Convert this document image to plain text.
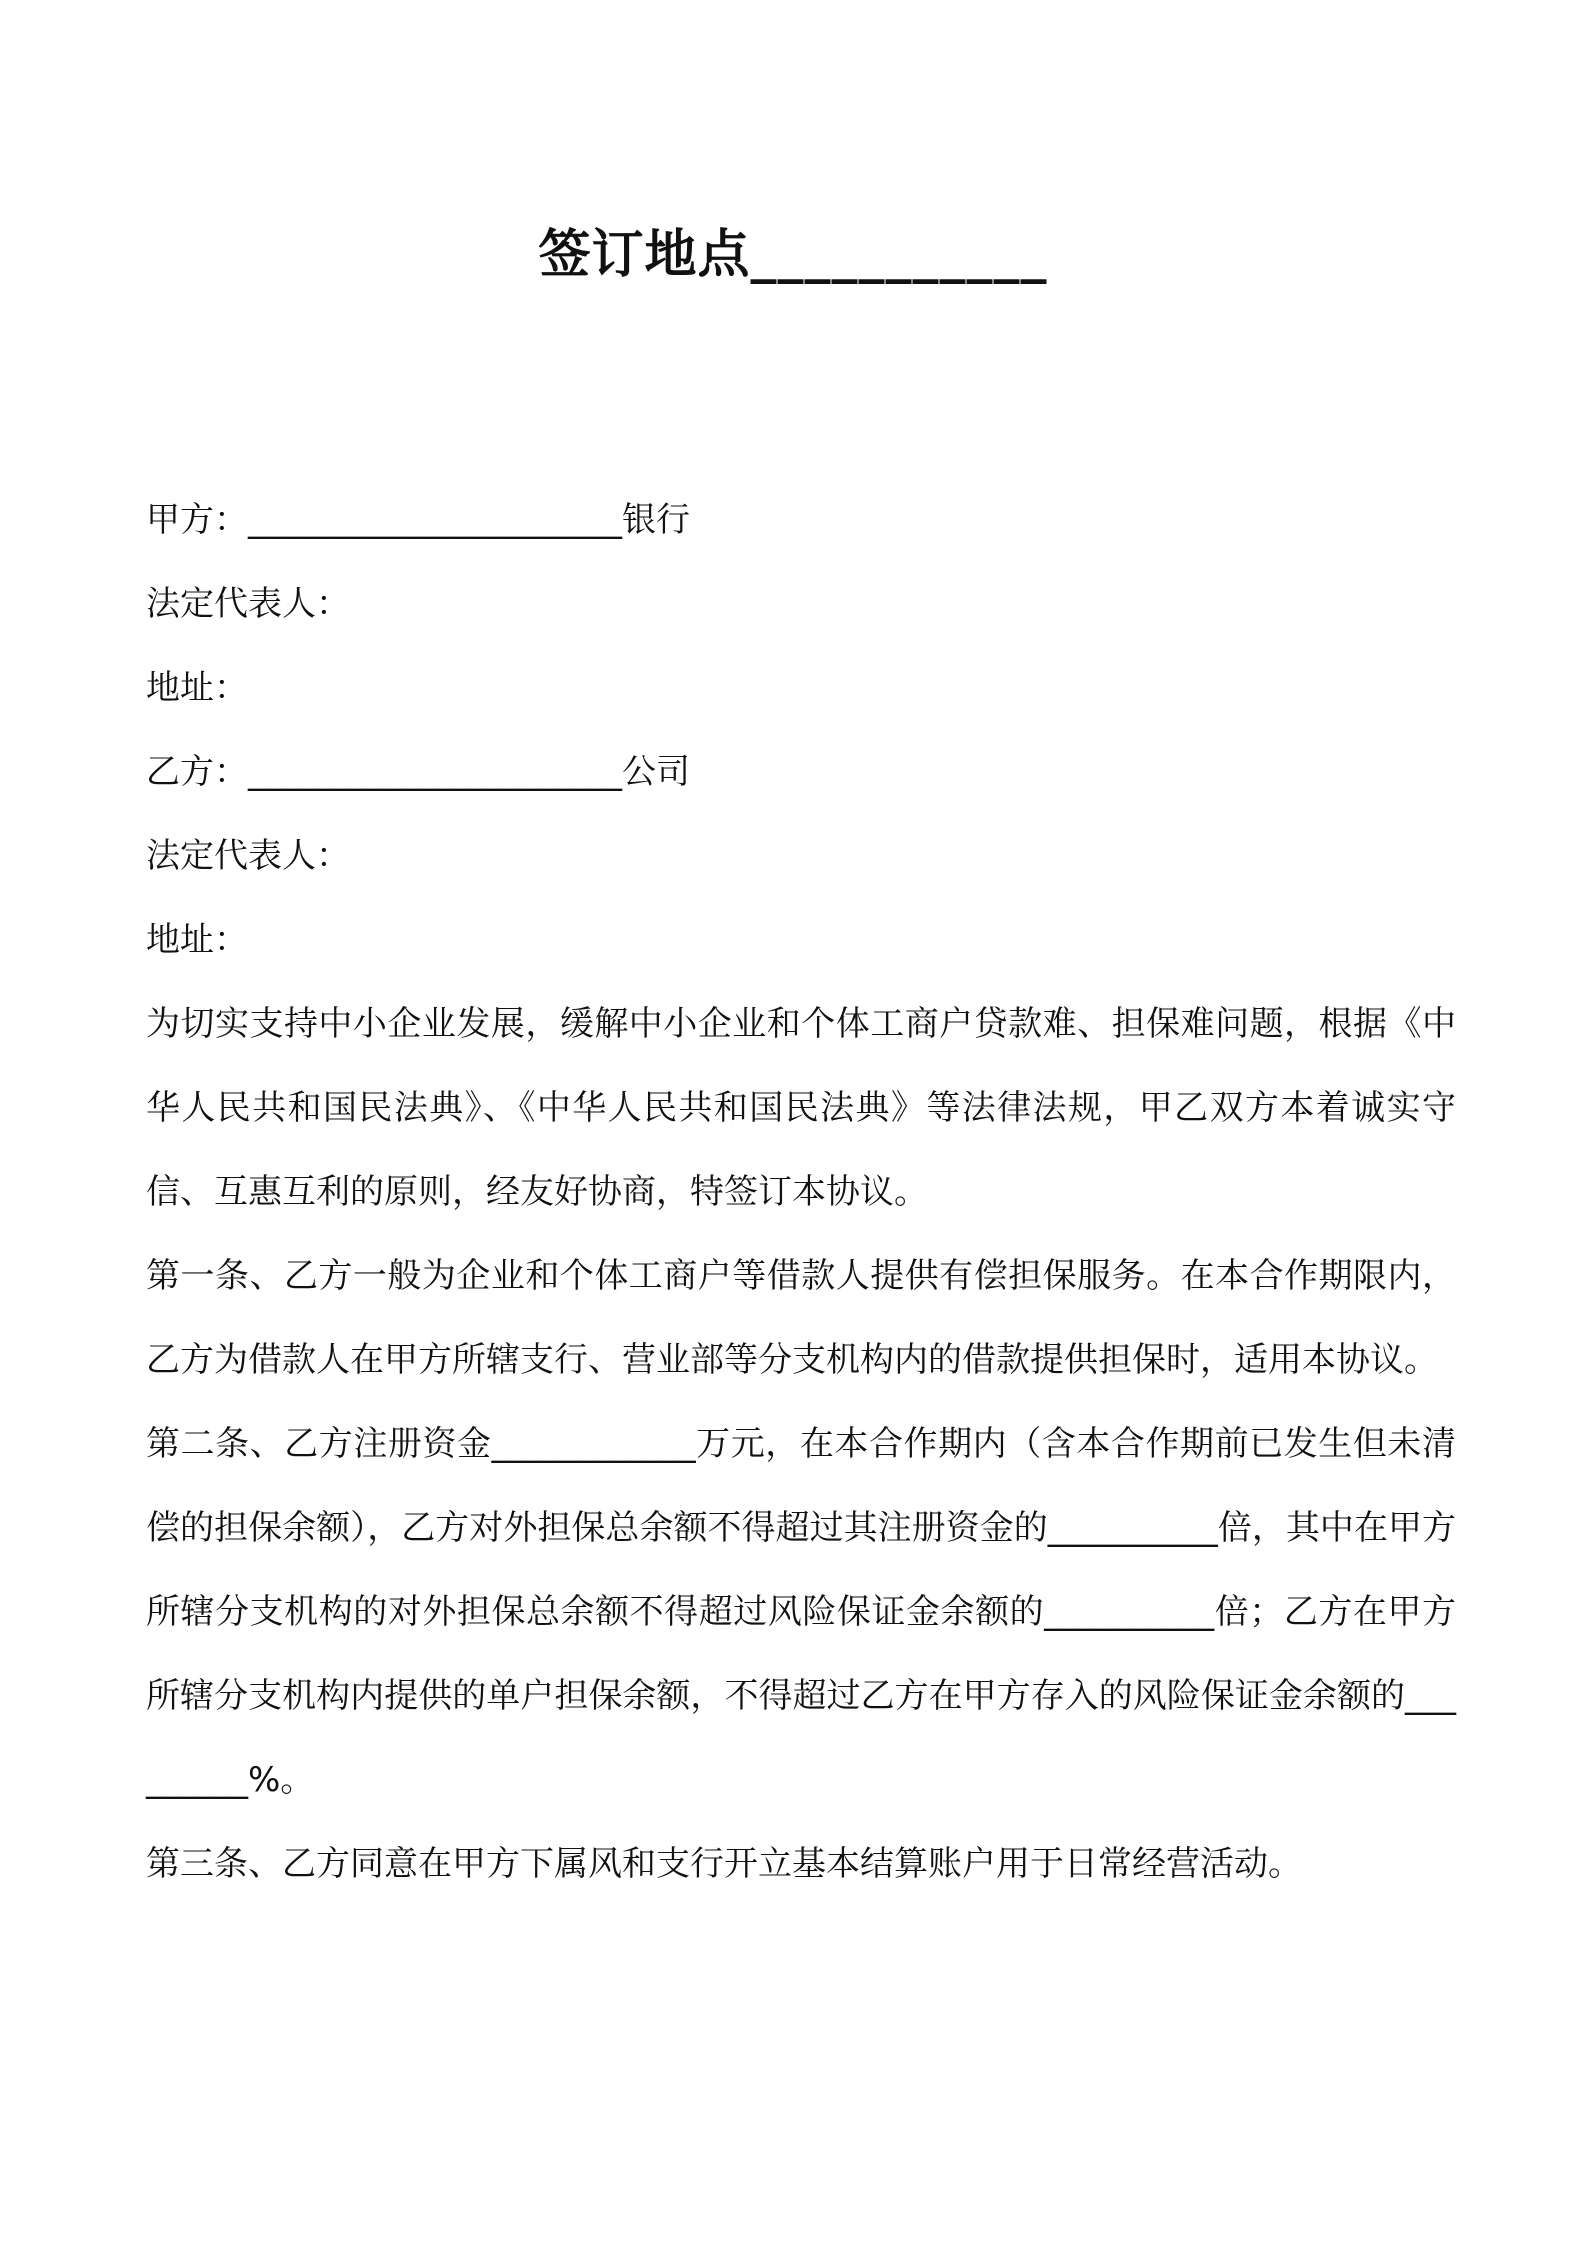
签订地点___________
甲方：______________________银行
法定代表人：
地址：
乙方：______________________公司
法定代表人：
地址：
为切实支持中小企业发展，缓解中小企业和个体工商户贷款难、担保难问题，根据《中华人民共和国民法典》、《中华人民共和国民法典》等法律法规，甲乙双方本着诚实守信、互惠互利的原则，经友好协商，特签订本协议。
第一条、乙方一般为企业和个体工商户等借款人提供有偿担保服务。在本合作期限内，乙方为借款人在甲方所辖支行、营业部等分支机构内的借款提供担保时，适用本协议。
第二条、乙方注册资金____________万元，在本合作期内（含本合作期前已发生但未清偿的担保余额），乙方对外担保总余额不得超过其注册资金的__________倍，其中在甲方所辖分支机构的对外担保总余额不得超过风险保证金余额的__________倍；乙方在甲方所辖分支机构内提供的单户担保余额，不得超过乙方在甲方存入的风险保证金余额的_________%。
第三条、乙方同意在甲方下属风和支行开立基本结算账户用于日常经营活动。
